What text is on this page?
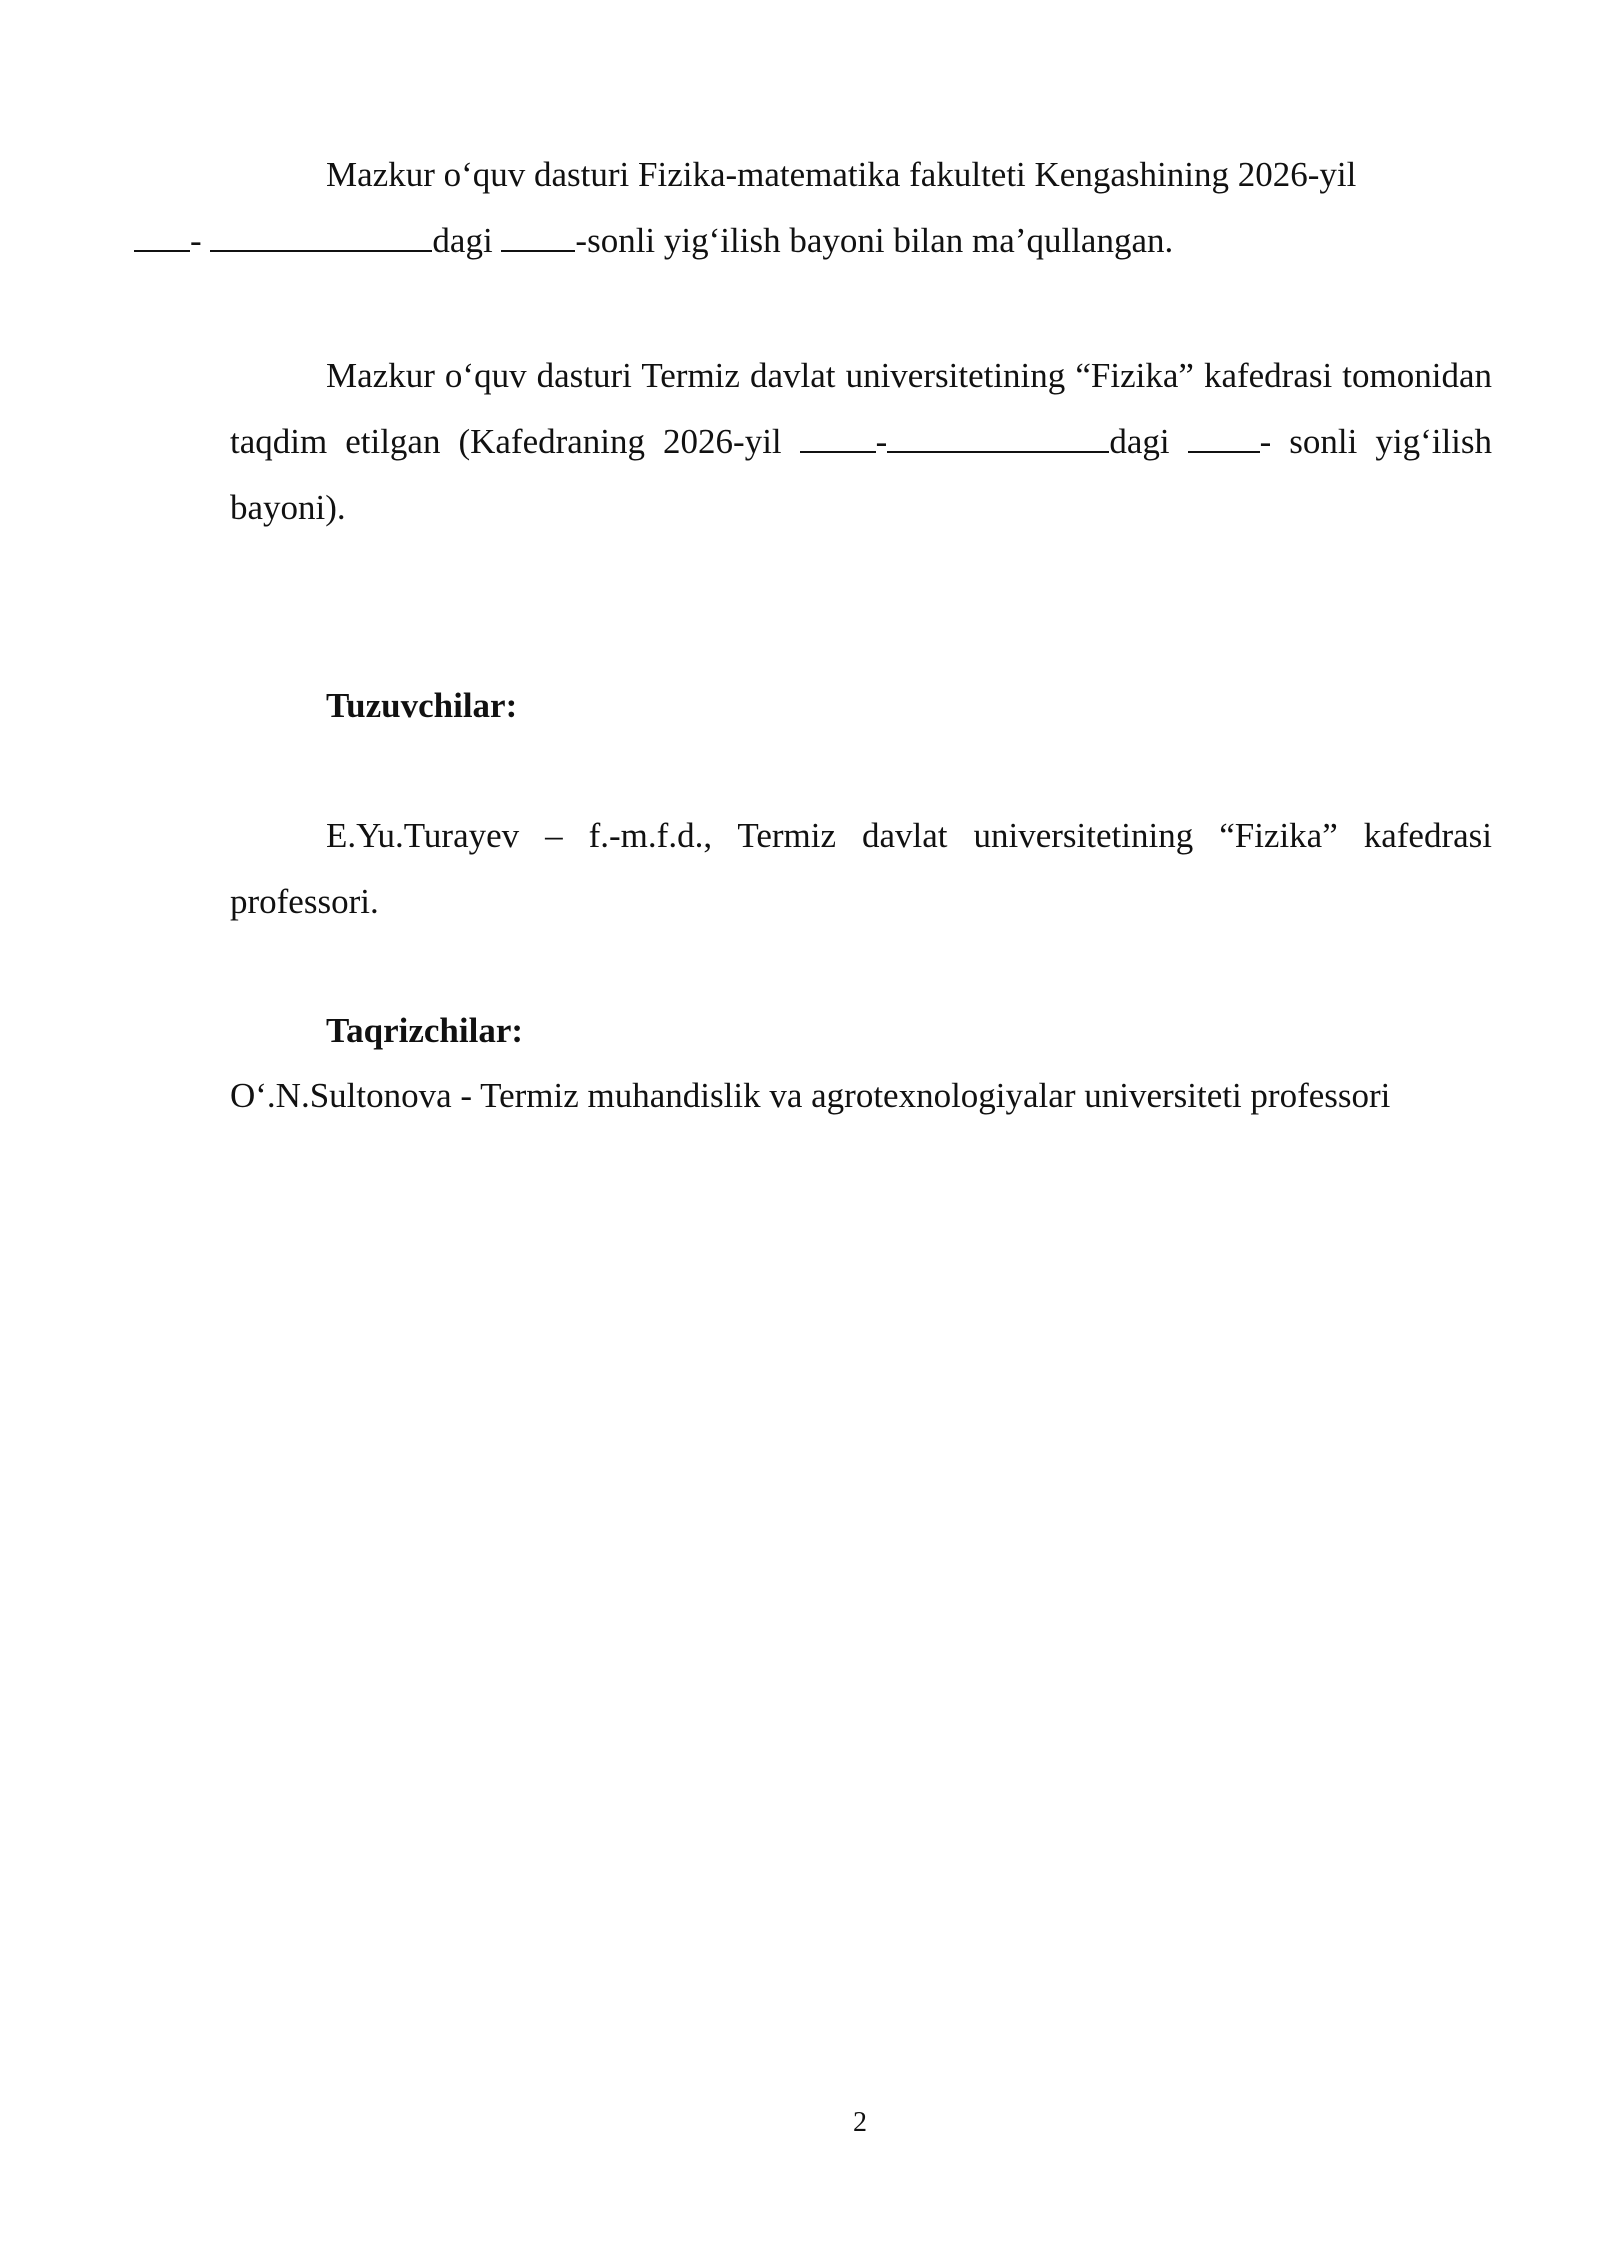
Mazkur o‘quv dasturi Fizika-matematika fakulteti Kengashining 2026-yil
-	dagi -sonli yig‘ilish bayoni bilan ma’qullangan.

Mazkur o‘quv dasturi Termiz davlat universitetining “Fizika” kafedrasi tomonidan taqdim etilgan (Kafedraning 2026-yil	-	dagi	- sonli yig‘ilish bayoni).

Tuzuvchilar:

E.Yu.Turayev – f.-m.f.d., Termiz davlat universitetining “Fizika” kafedrasi professori.

Taqrizchilar:

O‘.N.Sultonova - Termiz muhandislik va agrotexnologiyalar universiteti professori

2
